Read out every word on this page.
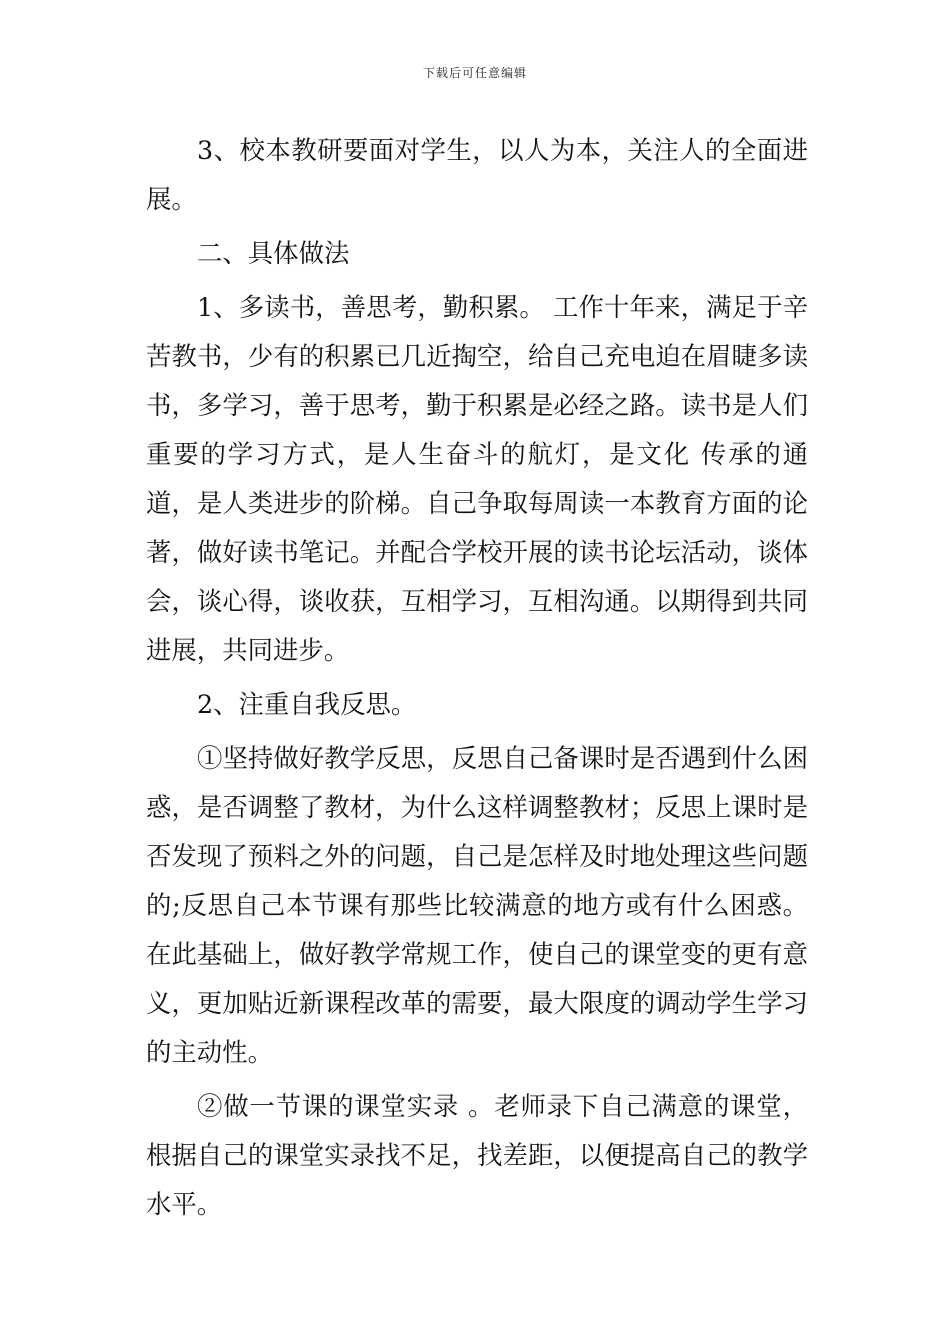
下载后可任意编辑

3、校本教研要面对学生，以人为本，关注人的全面进展。

二、具体做法

1、多读书，善思考，勤积累。 工作十年来，满足于辛苦教书，少有的积累已几近掏空，给自己充电迫在眉睫多读书，多学习，善于思考，勤于积累是必经之路。读书是人们重要的学习方式，是人生奋斗的航灯，是文化 传承的通道，是人类进步的阶梯。自己争取每周读一本教育方面的论著，做好读书笔记。并配合学校开展的读书论坛活动，谈体会，谈心得，谈收获，互相学习，互相沟通。以期得到共同进展，共同进步。

2、注重自我反思。

①坚持做好教学反思，反思自己备课时是否遇到什么困惑，是否调整了教材，为什么这样调整教材；反思上课时是否发现了预料之外的问题，自己是怎样及时地处理这些问题的;反思自己本节课有那些比较满意的地方或有什么困惑。在此基础上，做好教学常规工作，使自己的课堂变的更有意义，更加贴近新课程改革的需要，最大限度的调动学生学习的主动性。

②做一节课的课堂实录 。老师录下自己满意的课堂，根据自己的课堂实录找不足，找差距，以便提高自己的教学水平。
